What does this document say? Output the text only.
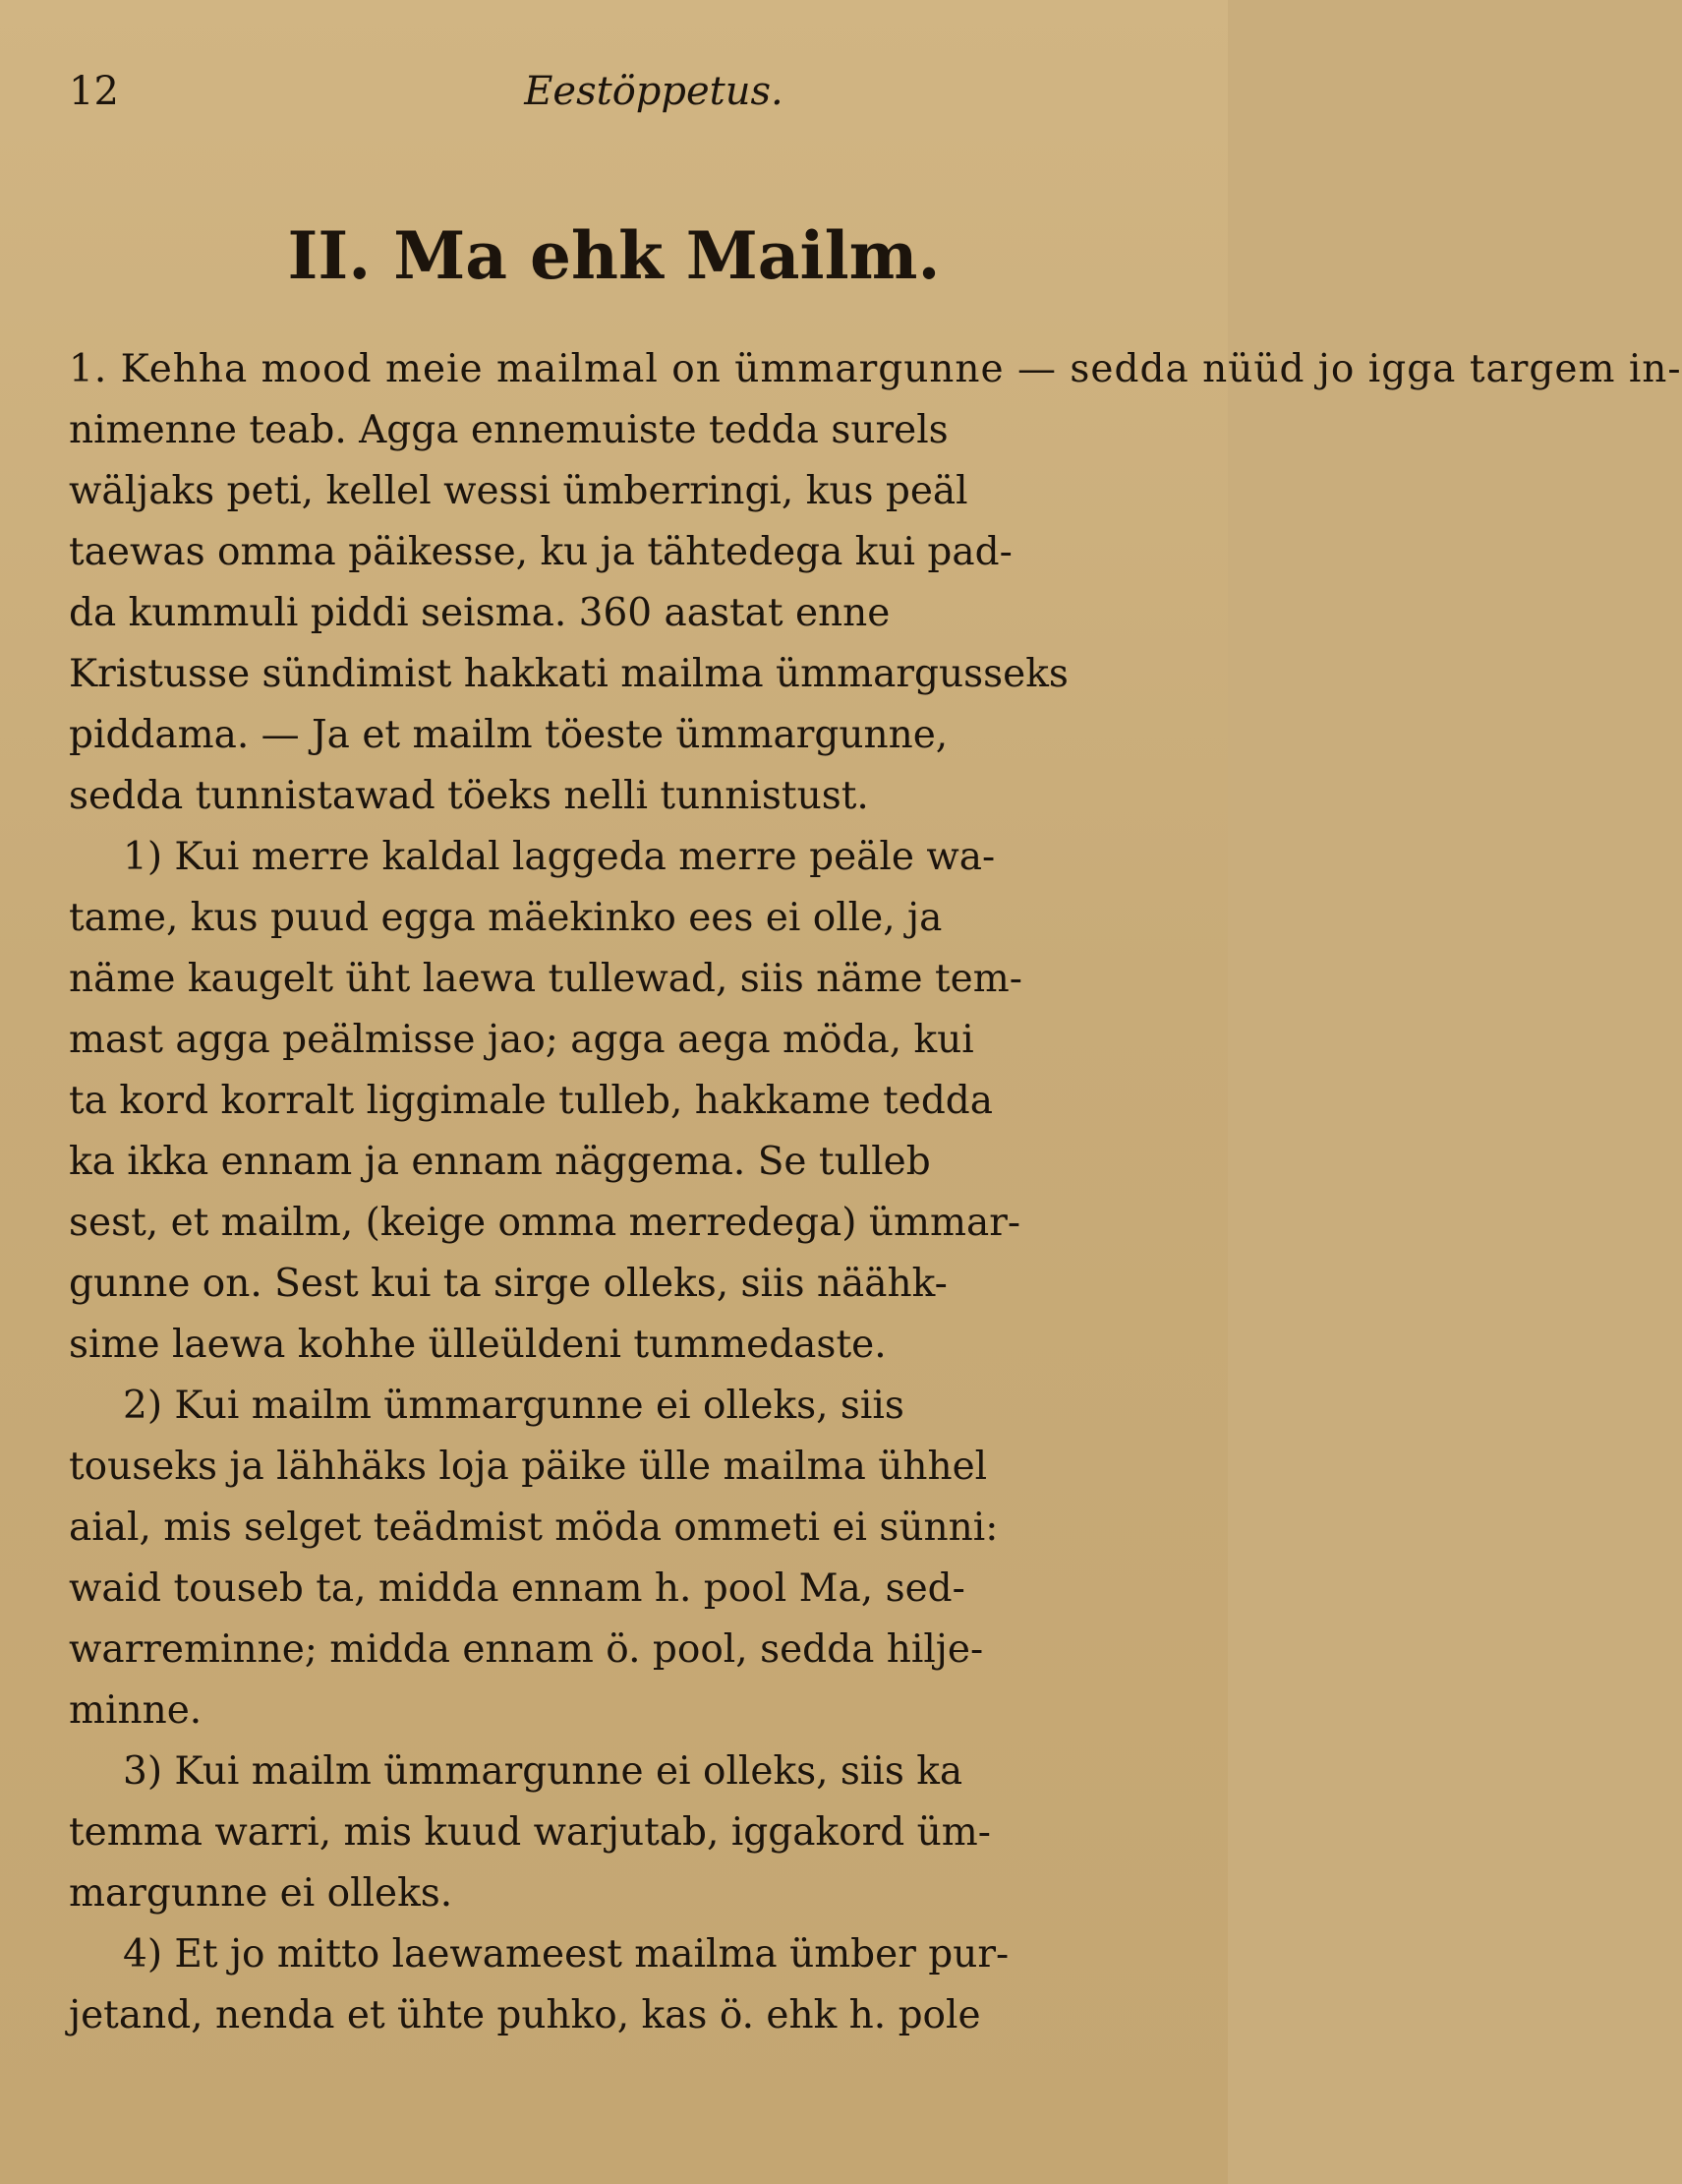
12	Eestöppetus.
II. Ma ehk Mailm.
1. Kehha mood meie mailmal on ümmargunne — sedda nüüd jo igga targem in-
nimenne teab. Agga ennemuiste tedda surels
wäljaks peti, kellel wessi ümberringi, kus peäl
taewas omma päikesse, ku ja tähtedega kui pad-
da kummuli piddi seisma. 360 aastat enne
Kristusse sündimist hakkati mailma ümmargusseks
piddama. — Ja et mailm töeste ümmargunne,
sedda tunnistawad töeks nelli tunnistust.
1) Kui merre kaldal laggeda merre peäle wa-
tame, kus puud egga mäekinko ees ei olle, ja
näme kaugelt üht laewa tullewad, siis näme tem-
mast agga peälmisse jao; agga aega möda, kui
ta kord korralt liggimale tulleb, hakkame tedda
ka ikka ennam ja ennam näggema. Se tulleb
sest, et mailm, (keige omma merredega) ümmar-
gunne on. Sest kui ta sirge olleks, siis näähk-
sime laewa kohhe ülleüldeni tummedaste.
2) Kui mailm ümmargunne ei olleks, siis
touseks ja lähhäks loja päike ülle mailma ühhel
aial, mis selget teädmist möda ommeti ei sünni:
waid touseb ta, midda ennam h. pool Ma, sed-
warreminne; midda ennam ö. pool, sedda hilje-
minne.
3) Kui mailm ümmargunne ei olleks, siis ka
temma warri, mis kuud warjutab, iggakord üm-
margunne ei olleks.
4) Et jo mitto laewameest mailma ümber pur-
jetand, nenda et ühte puhko, kas ö. ehk h. pole
